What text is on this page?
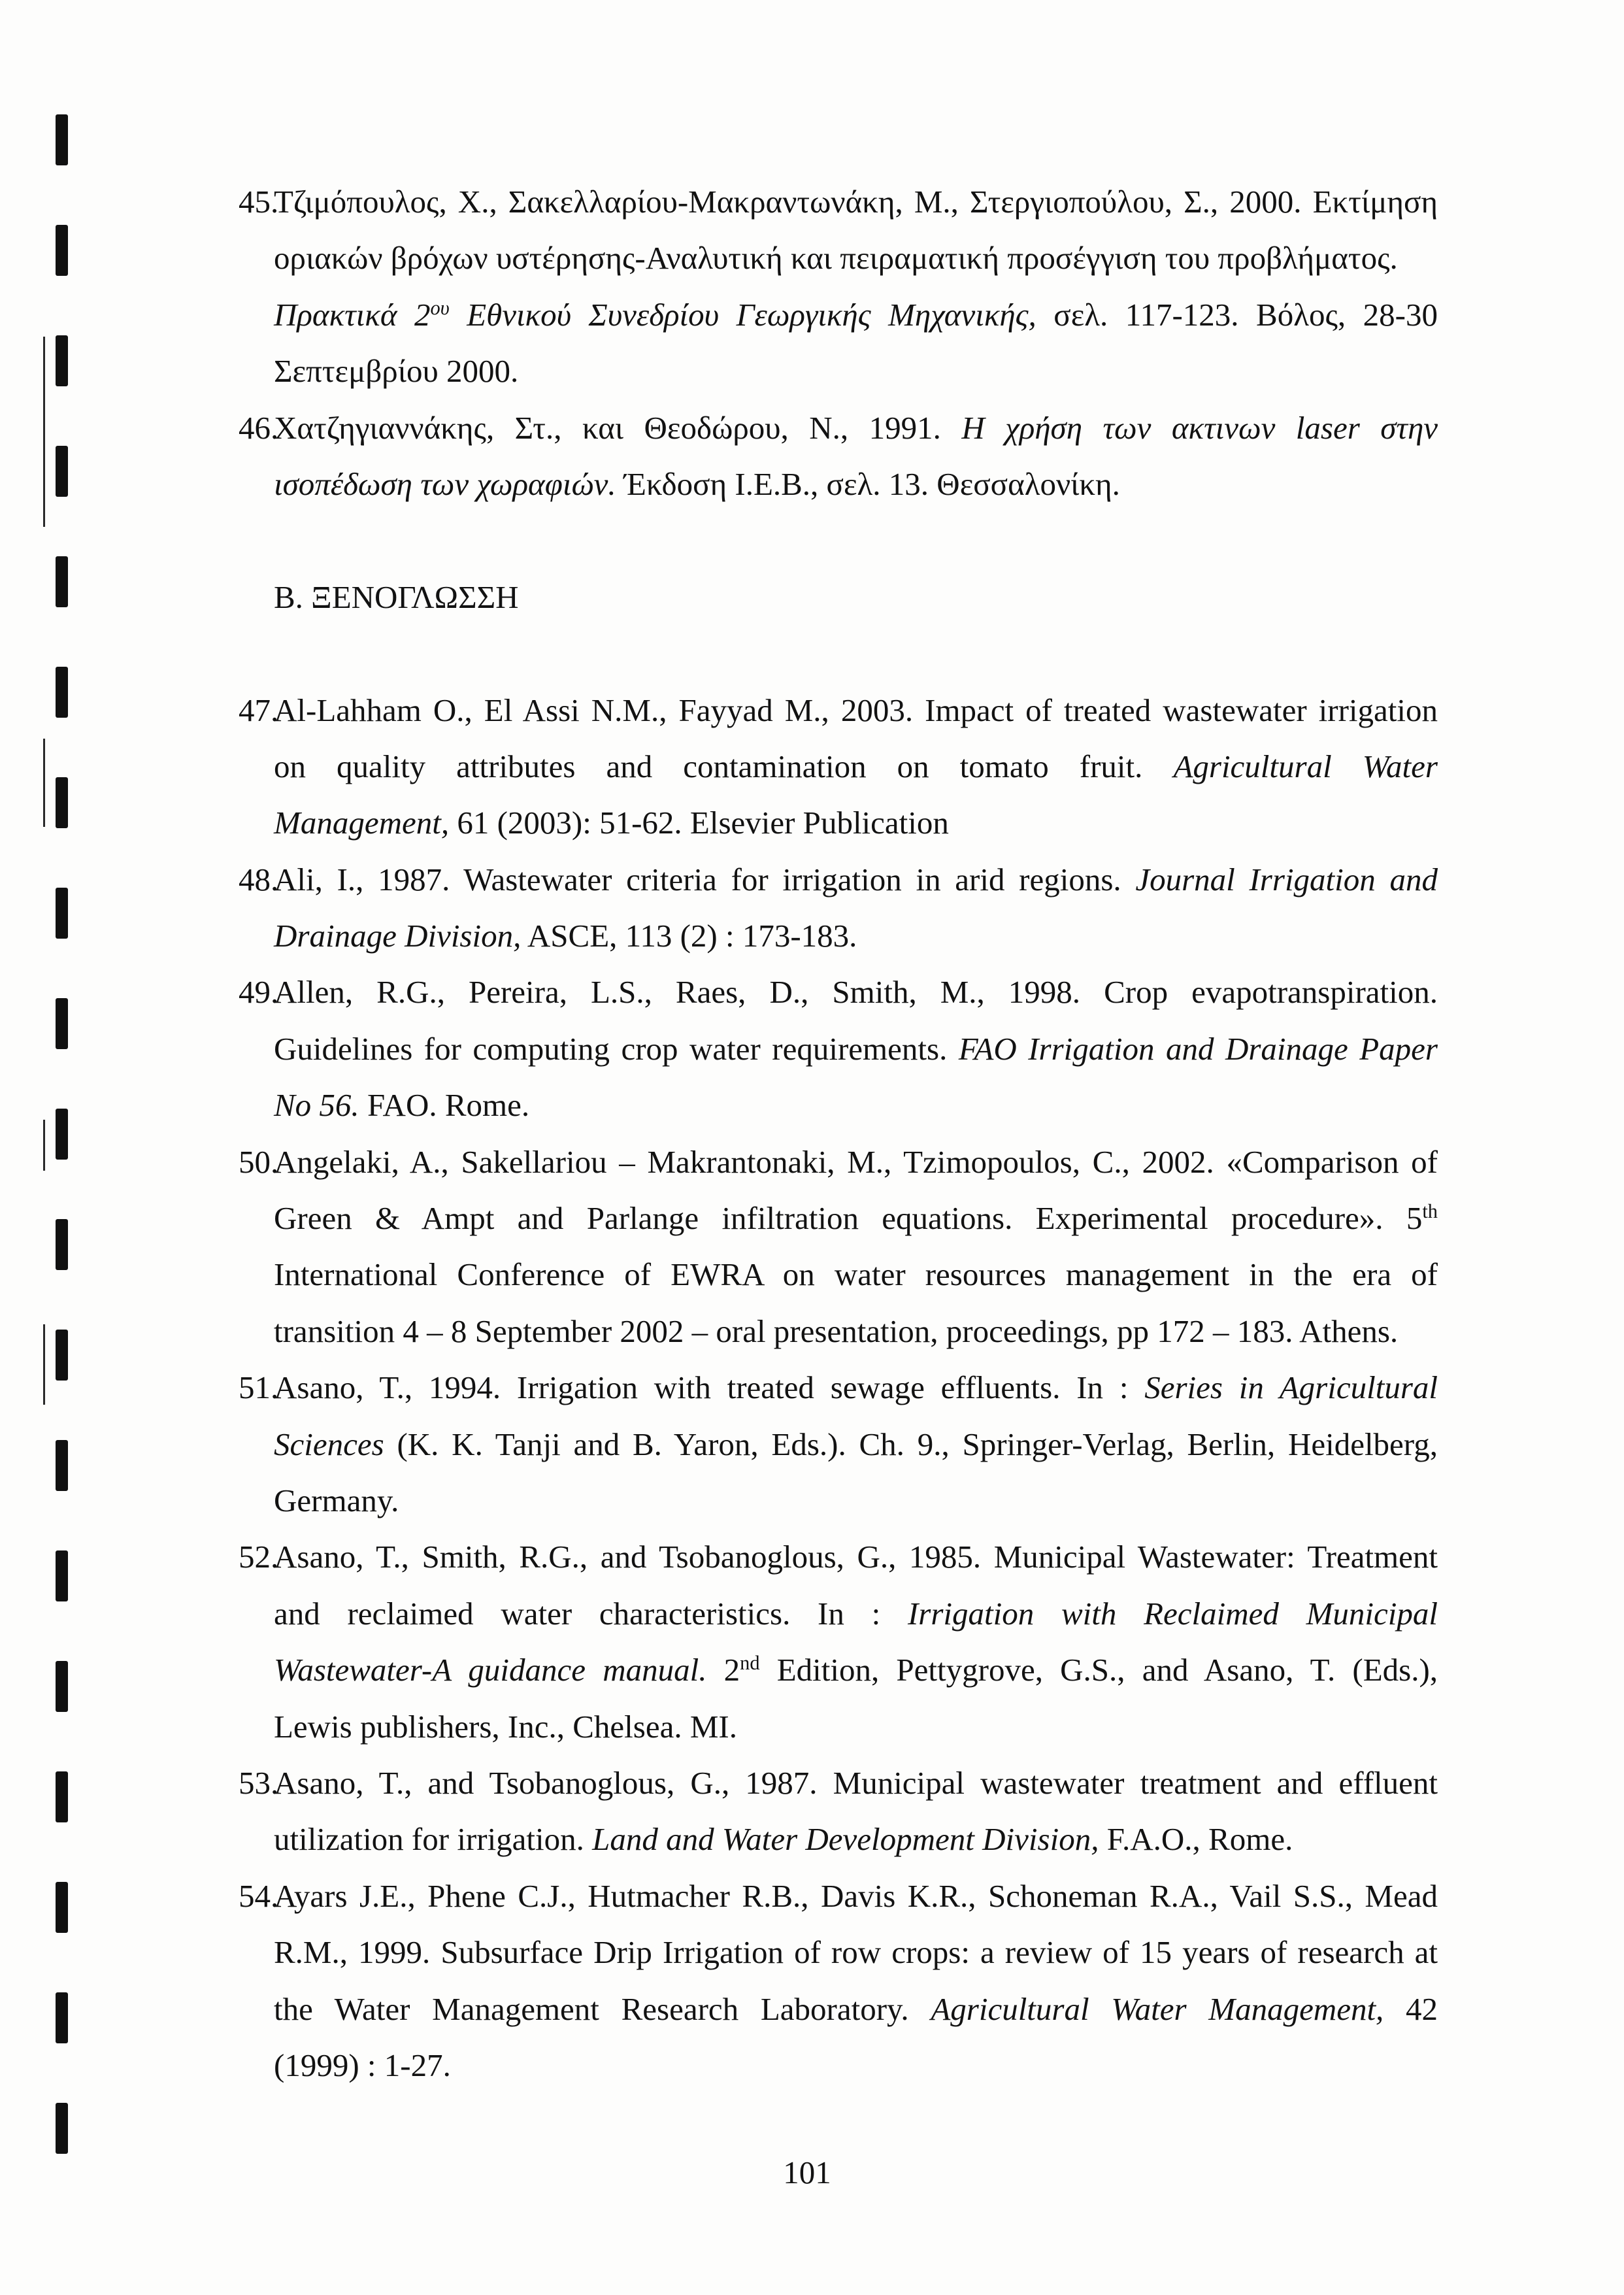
45.
Τζιμόπουλος, Χ., Σακελλαρίου-Μακραντωνάκη, Μ., Στεργιοπούλου, Σ., 2000. Εκτίμηση
οριακών βρόχων υστέρησης-Αναλυτική και πειραματική προσέγγιση του προβλήματος.
Πρακτικά $2^{o\upsilon}$ Εθνικού Συνεδρίου Γεωργικής Μηχανικής, σελ. 117-123. Βόλος, 28-30
Σεπτεμβρίου 2000.
46.
Χατζηγιαννάκης, Στ., και Θεοδώρου, Ν., 1991. Η χρήση των ακτινων laser στην
ισοπέδωση των χωραφιών. Έκδοση Ι.Ε.Β., σελ. 13. Θεσσαλονίκη.
Β. ΞΕΝΟΓΛΩΣΣΗ
47.
Al-Lahham O., El Assi N.M., Fayyad M., 2003. Impact of treated wastewater irrigation
on quality attributes and contamination on tomato fruit. Agricultural Water
Management, 61 (2003): 51-62. Elsevier Publication
48.
Ali, I., 1987. Wastewater criteria for irrigation in arid regions. Journal Irrigation and
Drainage Division, ASCE, 113 (2) : 173-183.
49.
Allen, R.G., Pereira, L.S., Raes, D., Smith, M., 1998. Crop evapotranspiration.
Guidelines for computing crop water requirements. FAO Irrigation and Drainage Paper
No 56. FAO. Rome.
50.
Angelaki, A., Sakellariou – Makrantonaki, M., Tzimopoulos, C., 2002. «Comparison of
Green & Ampt and Parlange infiltration equations. Experimental procedure». 5th
International Conference of EWRA on water resources management in the era of
transition 4 – 8 September 2002 – oral presentation, proceedings, pp 172 – 183. Athens.
51.
Asano, T., 1994. Irrigation with treated sewage effluents. In : Series in Agricultural
Sciences (K. K. Tanji and B. Yaron, Eds.). Ch. 9., Springer-Verlag, Berlin, Heidelberg,
Germany.
52.
Asano, T., Smith, R.G., and Tsobanoglous, G., 1985. Municipal Wastewater: Treatment
and reclaimed water characteristics. In : Irrigation with Reclaimed Municipal
Wastewater-A guidance manual. 2nd Edition, Pettygrove, G.S., and Asano, T. (Eds.),
Lewis publishers, Inc., Chelsea. MI.
53.
Asano, T., and Tsobanoglous, G., 1987. Municipal wastewater treatment and effluent
utilization for irrigation. Land and Water Development Division, F.A.O., Rome.
54.
Ayars J.E., Phene C.J., Hutmacher R.B., Davis K.R., Schoneman R.A., Vail S.S., Mead
R.M., 1999. Subsurface Drip Irrigation of row crops: a review of 15 years of research at
the Water Management Research Laboratory. Agricultural Water Management, 42
(1999) : 1-27.
101
